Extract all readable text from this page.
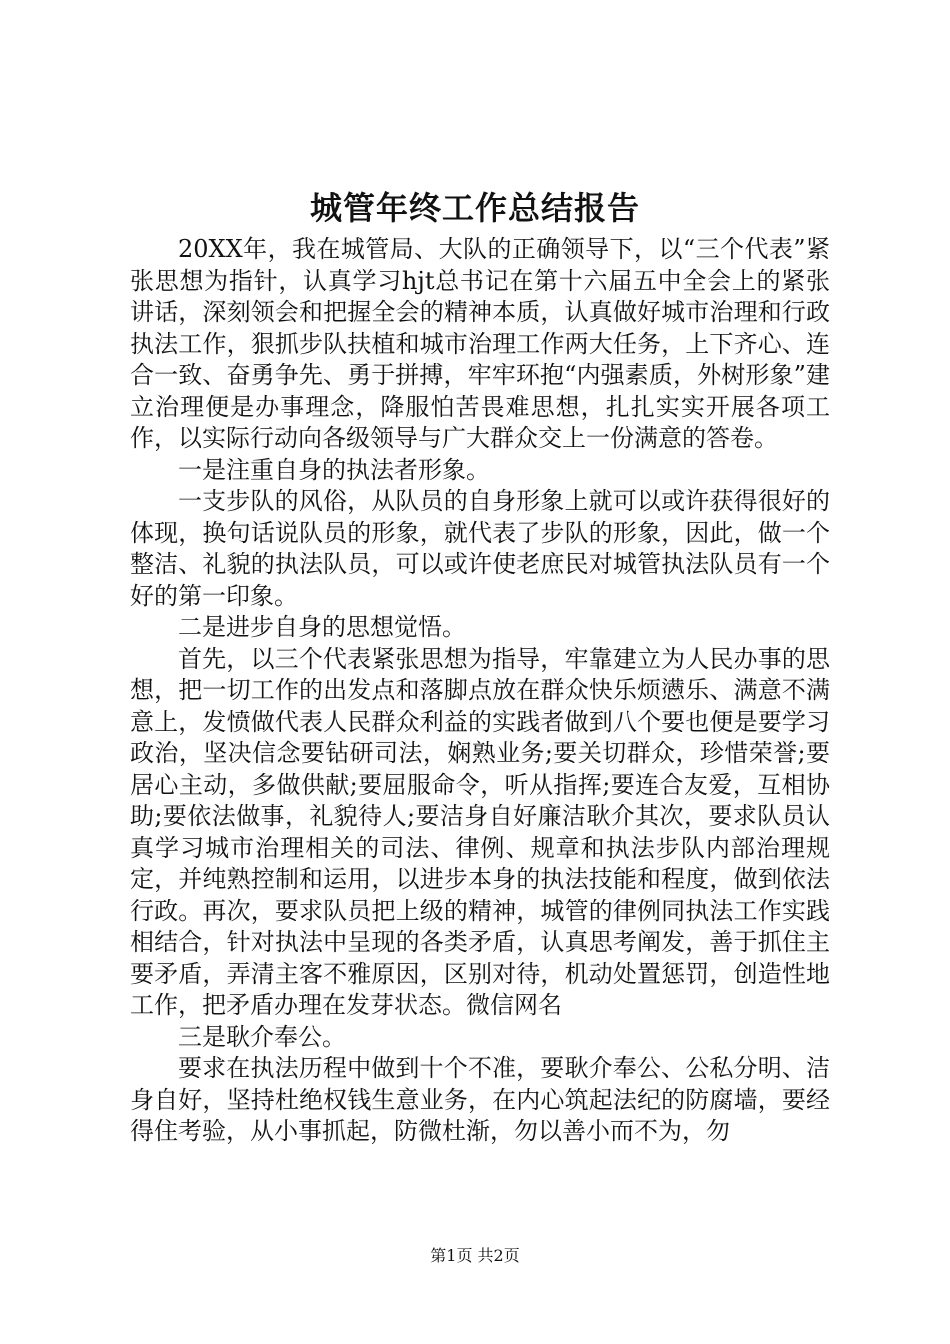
城管年终工作总结报告

20XX年，我在城管局、大队的正确领导下，以“三个代表”紧张思想为指针，认真学习hjt总书记在第十六届五中全会上的紧张讲话，深刻领会和把握全会的精神本质，认真做好城市治理和行政执法工作，狠抓步队扶植和城市治理工作两大任务，上下齐心、连合一致、奋勇争先、勇于拼搏，牢牢环抱“内强素质，外树形象”建立治理便是办事理念，降服怕苦畏难思想，扎扎实实开展各项工作，以实际行动向各级领导与广大群众交上一份满意的答卷。

一是注重自身的执法者形象。

一支步队的风俗，从队员的自身形象上就可以或许获得很好的体现，换句话说队员的形象，就代表了步队的形象，因此，做一个整洁、礼貌的执法队员，可以或许使老庶民对城管执法队员有一个好的第一印象。

二是进步自身的思想觉悟。

首先，以三个代表紧张思想为指导，牢靠建立为人民办事的思想，把一切工作的出发点和落脚点放在群众快乐烦懑乐、满意不满意上，发愤做代表人民群众利益的实践者做到八个要也便是要学习政治，坚决信念要钻研司法，娴熟业务;要关切群众，珍惜荣誉;要居心主动，多做供献;要屈服命令，听从指挥;要连合友爱，互相协助;要依法做事，礼貌待人;要洁身自好廉洁耿介其次，要求队员认真学习城市治理相关的司法、律例、规章和执法步队内部治理规定，并纯熟控制和运用，以进步本身的执法技能和程度，做到依法行政。再次，要求队员把上级的精神，城管的律例同执法工作实践相结合，针对执法中呈现的各类矛盾，认真思考阐发，善于抓住主要矛盾，弄清主客不雅原因，区别对待，机动处置惩罚，创造性地工作，把矛盾办理在发芽状态。微信网名

三是耿介奉公。

要求在执法历程中做到十个不准，要耿介奉公、公私分明、洁身自好，坚持杜绝权钱生意业务，在内心筑起法纪的防腐墙，要经得住考验，从小事抓起，防微杜渐，勿以善小而不为，勿

第1页 共2页
